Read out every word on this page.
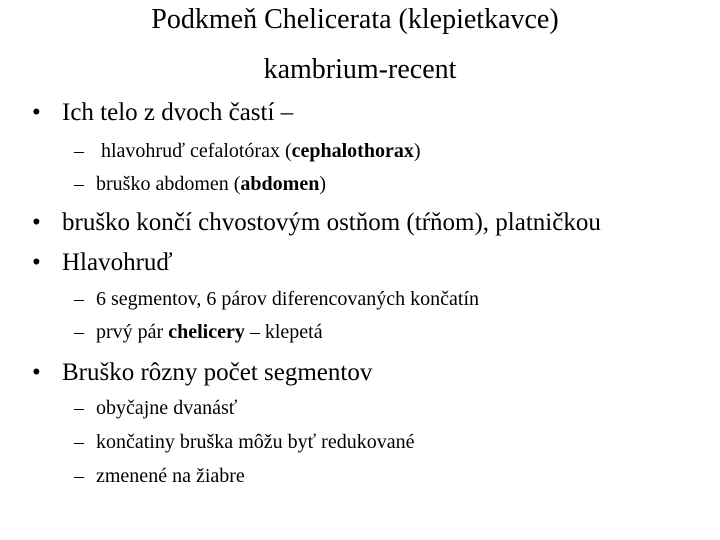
Podkmeň Chelicerata (klepietkavce)
kambrium-recent
• Ich telo z dvoch častí –
– hlavohruď cefalotórax (cephalothorax)
– bruško abdomen (abdomen)
• bruško končí chvostovým ostňom (tŕňom), platničkou
• Hlavohruď
– 6 segmentov, 6 párov diferencovaných končatín
– prvý pár chelicery – klepetá
• Bruško rôzny počet segmentov
– obyčajne dvanásť
– končatiny bruška môžu byť redukované
– zmenené na žiabre
